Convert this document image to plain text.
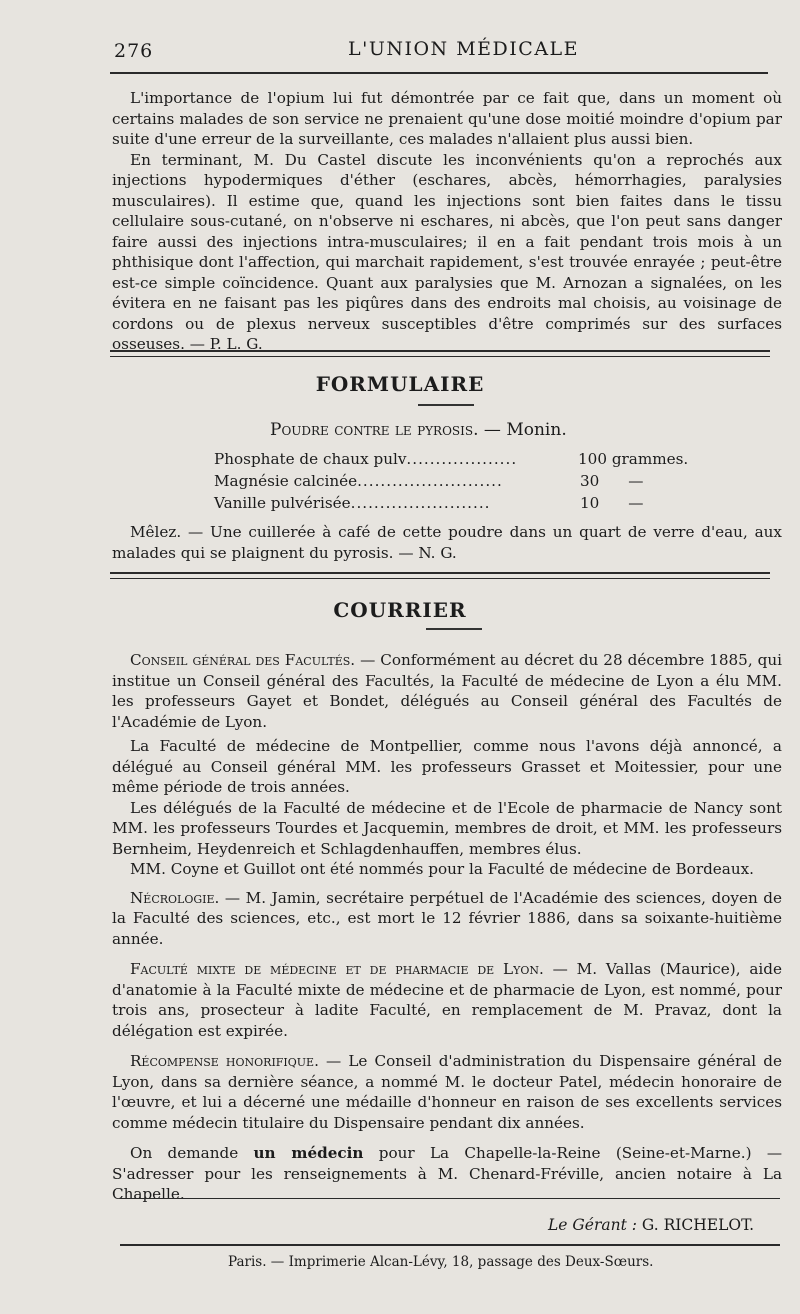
276	L'UNION MÉDICALE

L'importance de l'opium lui fut démontrée par ce fait que, dans un moment où certains malades de son service ne prenaient qu'une dose moitié moindre d'opium par suite d'une erreur de la surveillante, ces malades n'allaient plus aussi bien.

En terminant, M. Du Castel discute les inconvénients qu'on a reprochés aux injections hypodermiques d'éther (eschares, abcès, hémorrhagies, paralysies musculaires). Il estime que, quand les injections sont bien faites dans le tissu cellulaire sous-cutané, on n'observe ni eschares, ni abcès, que l'on peut sans danger faire aussi des injections intra-musculaires; il en a fait pendant trois mois à un phthisique dont l'affection, qui marchait rapidement, s'est trouvée enrayée ; peut-être est-ce simple coïncidence. Quant aux paralysies que M. Arnozan a signalées, on les évitera en ne faisant pas les piqûres dans des endroits mal choisis, au voisinage de cordons ou de plexus nerveux susceptibles d'être comprimés sur des surfaces osseuses. — P. L. G.

FORMULAIRE
Poudre contre le pyrosis. — Monin.
Phosphate de chaux pulv...................	100 grammes.
Magnésie calcinée.........................	30      —
Vanille pulvérisée........................	10      —

Mêlez. — Une cuillerée à café de cette poudre dans un quart de verre d'eau, aux malades qui se plaignent du pyrosis. — N. G.

COURRIER

Conseil général des Facultés. — Conformément au décret du 28 décembre 1885, qui institue un Conseil général des Facultés, la Faculté de médecine de Lyon a élu MM. les professeurs Gayet et Bondet, délégués au Conseil général des Facultés de l'Académie de Lyon.

La Faculté de médecine de Montpellier, comme nous l'avons déjà annoncé, a délégué au Conseil général MM. les professeurs Grasset et Moitessier, pour une même période de trois années.

Les délégués de la Faculté de médecine et de l'Ecole de pharmacie de Nancy sont MM. les professeurs Tourdes et Jacquemin, membres de droit, et MM. les professeurs Bernheim, Heydenreich et Schlagdenhauffen, membres élus.

MM. Coyne et Guillot ont été nommés pour la Faculté de médecine de Bordeaux.

Nécrologie. — M. Jamin, secrétaire perpétuel de l'Académie des sciences, doyen de la Faculté des sciences, etc., est mort le 12 février 1886, dans sa soixante-huitième année.

Faculté mixte de médecine et de pharmacie de Lyon. — M. Vallas (Maurice), aide d'anatomie à la Faculté mixte de médecine et de pharmacie de Lyon, est nommé, pour trois ans, prosecteur à ladite Faculté, en remplacement de M. Pravaz, dont la délégation est expirée.

Récompense honorifique. — Le Conseil d'administration du Dispensaire général de Lyon, dans sa dernière séance, a nommé M. le docteur Patel, médecin honoraire de l'œuvre, et lui a décerné une médaille d'honneur en raison de ses excellents services comme médecin titulaire du Dispensaire pendant dix années.

On demande un médecin pour La Chapelle-la-Reine (Seine-et-Marne.) — S'adresser pour les renseignements à M. Chenard-Fréville, ancien notaire à La Chapelle.

Le Gérant : G. RICHELOT.
Paris. — Imprimerie Alcan-Lévy, 18, passage des Deux-Sœurs.
